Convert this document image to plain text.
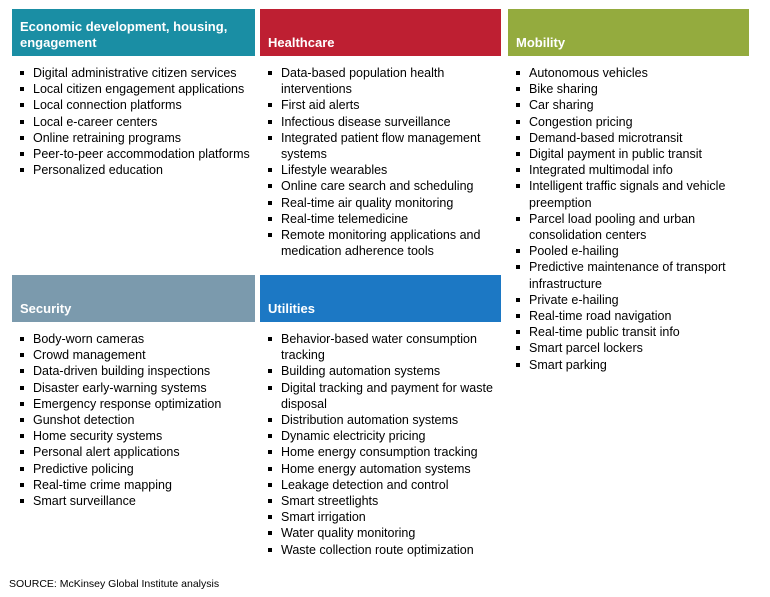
Economic development, housing, engagement
Digital administrative citizen services
Local citizen engagement applications
Local connection platforms
Local e-career centers
Online retraining programs
Peer-to-peer accommodation platforms
Personalized education
Healthcare
Data-based population health interventions
First aid alerts
Infectious disease surveillance
Integrated patient flow management systems
Lifestyle wearables
Online care search and scheduling
Real-time air quality monitoring
Real-time telemedicine
Remote monitoring applications and medication adherence tools
Mobility
Autonomous vehicles
Bike sharing
Car sharing
Congestion pricing
Demand-based microtransit
Digital payment in public transit
Integrated multimodal info
Intelligent traffic signals and vehicle preemption
Parcel load pooling and urban consolidation centers
Pooled e-hailing
Predictive maintenance of transport infrastructure
Private e-hailing
Real-time road navigation
Real-time public transit info
Smart parcel lockers
Smart parking
Security
Body-worn cameras
Crowd management
Data-driven building inspections
Disaster early-warning systems
Emergency response optimization
Gunshot detection
Home security systems
Personal alert applications
Predictive policing
Real-time crime mapping
Smart surveillance
Utilities
Behavior-based water consumption tracking
Building automation systems
Digital tracking and payment for waste disposal
Distribution automation systems
Dynamic electricity pricing
Home energy consumption tracking
Home energy automation systems
Leakage detection and control
Smart streetlights
Smart irrigation
Water quality monitoring
Waste collection route optimization
SOURCE: McKinsey Global Institute analysis
